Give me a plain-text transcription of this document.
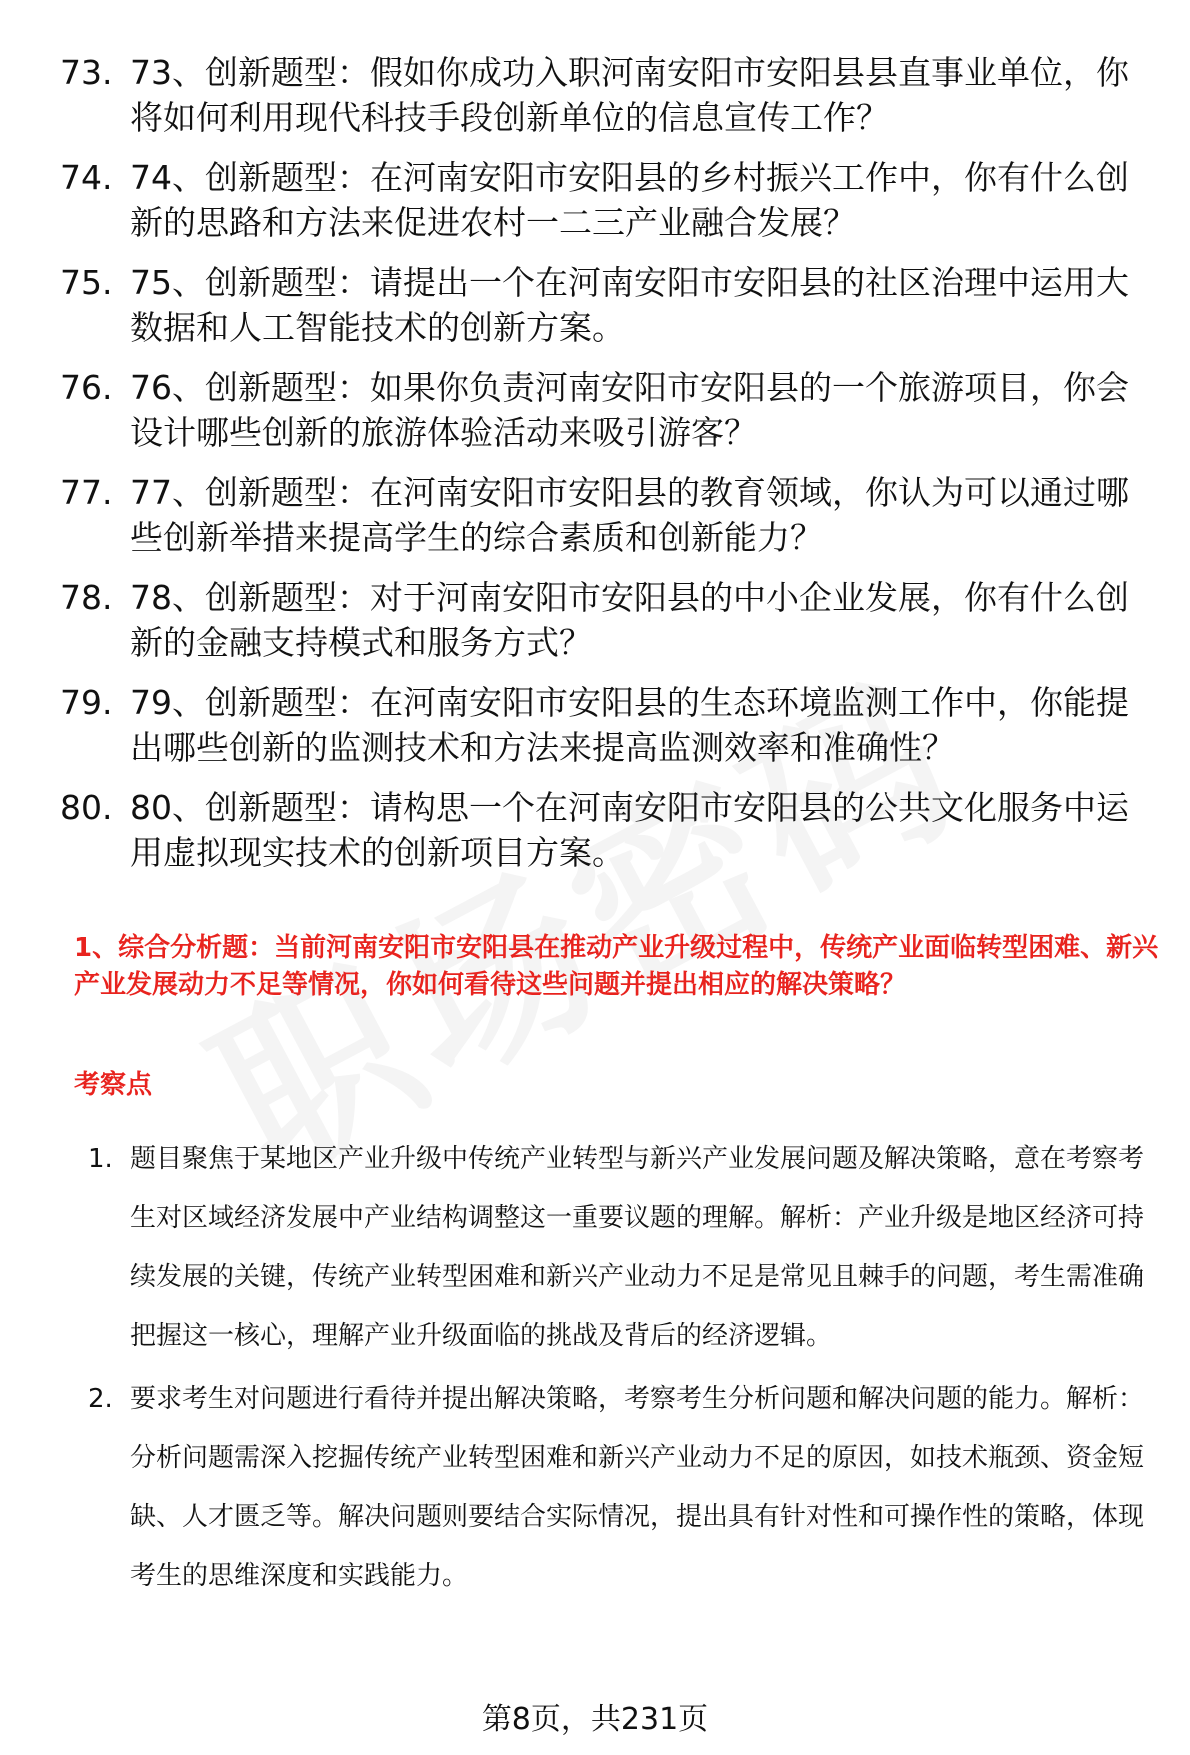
73. 73、创新题型：假如你成功入职河南安阳市安阳县县直事业单位，你将如何利用现代科技手段创新单位的信息宣传工作？
74. 74、创新题型：在河南安阳市安阳县的乡村振兴工作中，你有什么创新的思路和方法来促进农村一二三产业融合发展？
75. 75、创新题型：请提出一个在河南安阳市安阳县的社区治理中运用大数据和人工智能技术的创新方案。
76. 76、创新题型：如果你负责河南安阳市安阳县的一个旅游项目，你会设计哪些创新的旅游体验活动来吸引游客？
77. 77、创新题型：在河南安阳市安阳县的教育领域，你认为可以通过哪些创新举措来提高学生的综合素质和创新能力？
78. 78、创新题型：对于河南安阳市安阳县的中小企业发展，你有什么创新的金融支持模式和服务方式？
79. 79、创新题型：在河南安阳市安阳县的生态环境监测工作中，你能提出哪些创新的监测技术和方法来提高监测效率和准确性？
80. 80、创新题型：请构思一个在河南安阳市安阳县的公共文化服务中运用虚拟现实技术的创新项目方案。
1、综合分析题：当前河南安阳市安阳县在推动产业升级过程中，传统产业面临转型困难、新兴产业发展动力不足等情况，你如何看待这些问题并提出相应的解决策略？
考察点
1. 题目聚焦于某地区产业升级中传统产业转型与新兴产业发展问题及解决策略，意在考察考生对区域经济发展中产业结构调整这一重要议题的理解。解析：产业升级是地区经济可持续发展的关键，传统产业转型困难和新兴产业动力不足是常见且棘手的问题，考生需准确把握这一核心，理解产业升级面临的挑战及背后的经济逻辑。
2. 要求考生对问题进行看待并提出解决策略，考察考生分析问题和解决问题的能力。解析：分析问题需深入挖掘传统产业转型困难和新兴产业动力不足的原因，如技术瓶颈、资金短缺、人才匮乏等。解决问题则要结合实际情况，提出具有针对性和可操作性的策略，体现考生的思维深度和实践能力。
第8页，共231页
